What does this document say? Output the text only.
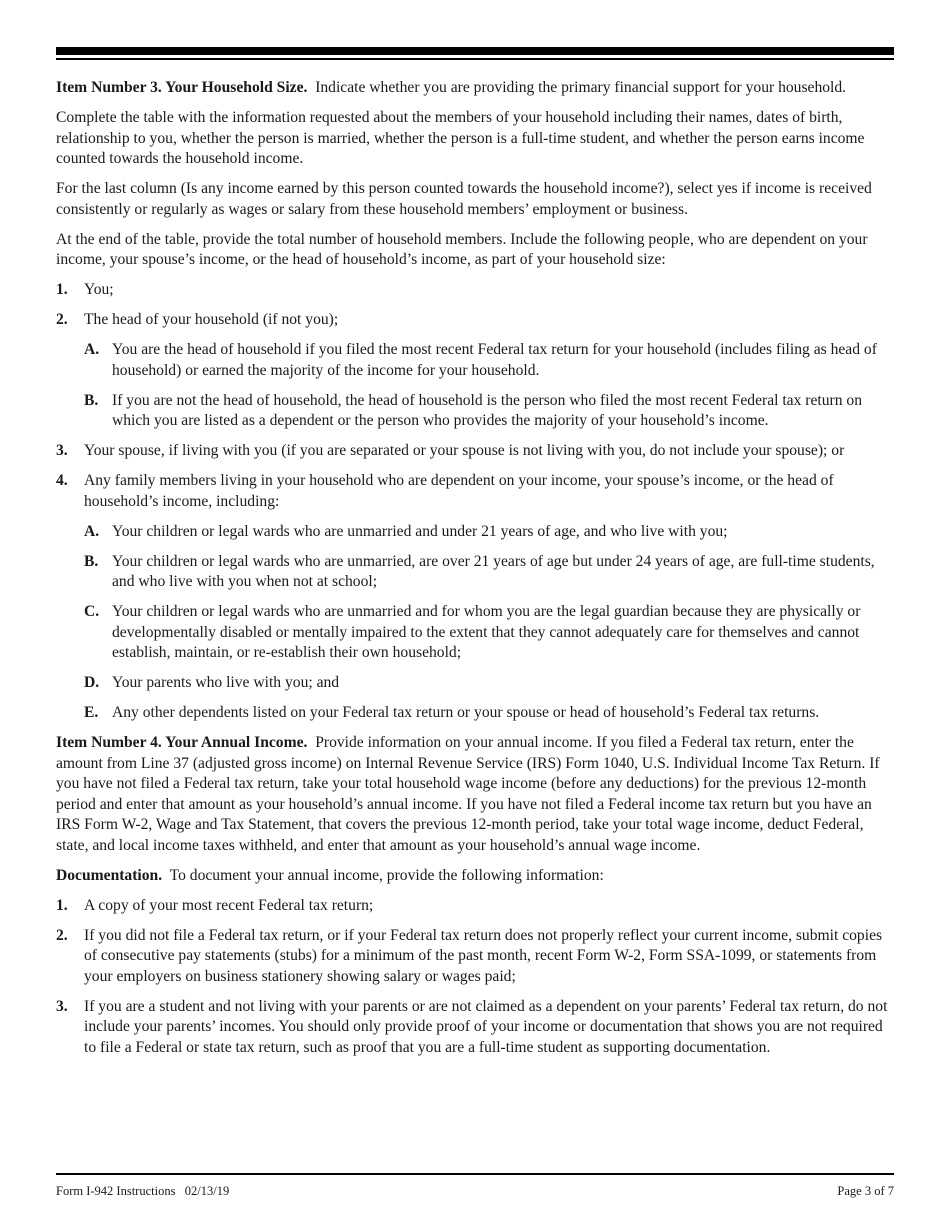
Item Number 3. Your Household Size. Indicate whether you are providing the primary financial support for your household.

Complete the table with the information requested about the members of your household including their names, dates of birth, relationship to you, whether the person is married, whether the person is a full-time student, and whether the person earns income counted towards the household income.

For the last column (Is any income earned by this person counted towards the household income?), select yes if income is received consistently or regularly as wages or salary from these household members’ employment or business.

At the end of the table, provide the total number of household members. Include the following people, who are dependent on your income, your spouse’s income, or the head of household’s income, as part of your household size:

1.	You;
2.	The head of your household (if not you);
A. You are the head of household if you filed the most recent Federal tax return for your household (includes filing as head of household) or earned the majority of the income for your household.
B. If you are not the head of household, the head of household is the person who filed the most recent Federal tax return on which you are listed as a dependent or the person who provides the majority of your household’s income.
3.	Your spouse, if living with you (if you are separated or your spouse is not living with you, do not include your spouse); or
4.	Any family members living in your household who are dependent on your income, your spouse’s income, or the head of household’s income, including:
A. Your children or legal wards who are unmarried and under 21 years of age, and who live with you;
B. Your children or legal wards who are unmarried, are over 21 years of age but under 24 years of age, are full-time students, and who live with you when not at school;
C. Your children or legal wards who are unmarried and for whom you are the legal guardian because they are physically or developmentally disabled or mentally impaired to the extent that they cannot adequately care for themselves and cannot establish, maintain, or re-establish their own household;
D. Your parents who live with you; and
E. Any other dependents listed on your Federal tax return or your spouse or head of household’s Federal tax returns.

Item Number 4. Your Annual Income. Provide information on your annual income. If you filed a Federal tax return, enter the amount from Line 37 (adjusted gross income) on Internal Revenue Service (IRS) Form 1040, U.S. Individual Income Tax Return. If you have not filed a Federal tax return, take your total household wage income (before any deductions) for the previous 12-month period and enter that amount as your household’s annual income. If you have not filed a Federal income tax return but you have an IRS Form W-2, Wage and Tax Statement, that covers the previous 12-month period, take your total wage income, deduct Federal, state, and local income taxes withheld, and enter that amount as your household’s annual wage income.

Documentation. To document your annual income, provide the following information:

1.	A copy of your most recent Federal tax return;
2.	If you did not file a Federal tax return, or if your Federal tax return does not properly reflect your current income, submit copies of consecutive pay statements (stubs) for a minimum of the past month, recent Form W-2, Form SSA-1099, or statements from your employers on business stationery showing salary or wages paid;
3.	If you are a student and not living with your parents or are not claimed as a dependent on your parents’ Federal tax return, do not include your parents’ incomes. You should only provide proof of your income or documentation that shows you are not required to file a Federal or state tax return, such as proof that you are a full-time student as supporting documentation.
Form I-942 Instructions   02/13/19	Page 3 of 7
